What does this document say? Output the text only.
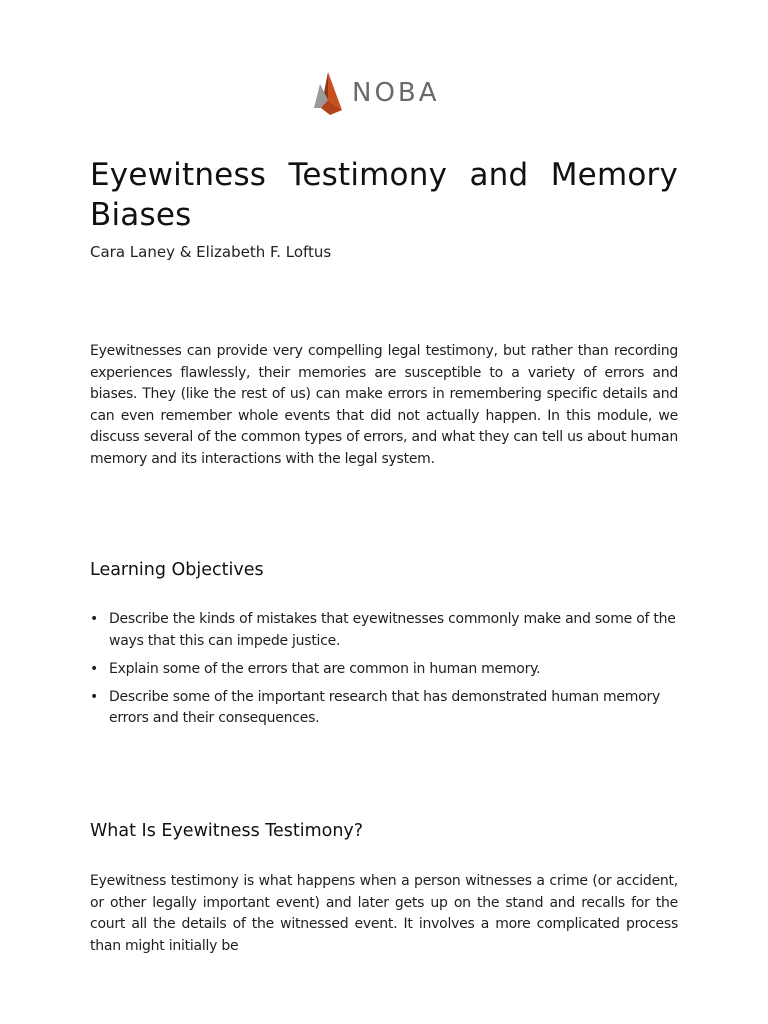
NOBA
Eyewitness Testimony and Memory Biases

Cara Laney & Elizabeth F. Loftus

Eyewitnesses can provide very compelling legal testimony, but rather than recording experiences flawlessly, their memories are susceptible to a variety of errors and biases. They (like the rest of us) can make errors in remembering specific details and can even remember whole events that did not actually happen. In this module, we discuss several of the common types of errors, and what they can tell us about human memory and its interactions with the legal system.

Learning Objectives
• Describe the kinds of mistakes that eyewitnesses commonly make and some of the ways that this can impede justice.
• Explain some of the errors that are common in human memory.
• Describe some of the important research that has demonstrated human memory errors and their consequences.
What Is Eyewitness Testimony?

Eyewitness testimony is what happens when a person witnesses a crime (or accident, or other legally important event) and later gets up on the stand and recalls for the court all the details of the witnessed event. It involves a more complicated process than might initially be
